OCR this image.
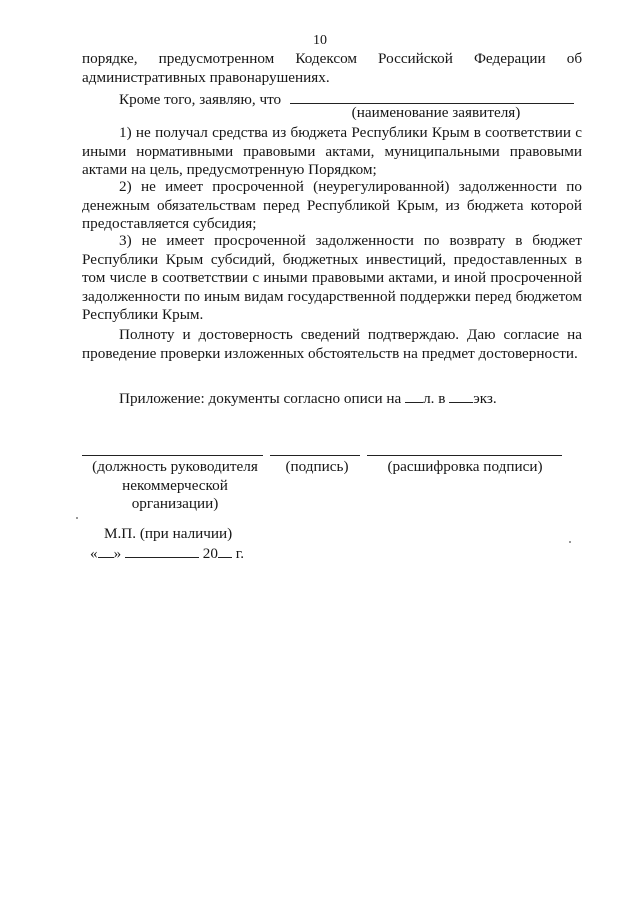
10
порядке, предусмотренном Кодексом Российской Федерации об
административных правонарушениях.
Кроме того, заявляю, что
(наименование заявителя)
1) не получал средства из бюджета Республики Крым в соответствии с иными нормативными правовыми актами, муниципальными правовыми актами на цель, предусмотренную Порядком;
2) не имеет просроченной (неурегулированной) задолженности по денежным обязательствам перед Республикой Крым, из бюджета которой предоставляется субсидия;
3) не имеет просроченной задолженности по возврату в бюджет Республики Крым субсидий, бюджетных инвестиций, предоставленных в том числе в соответствии с иными правовыми актами, и иной просроченной задолженности по иным видам государственной поддержки перед бюджетом Республики Крым.
Полноту и достоверность сведений подтверждаю. Даю согласие на проведение проверки изложенных обстоятельств на предмет достоверности.
Приложение: документы согласно описи на л. в экз.
(должность руководителя некоммерческой организации)
(подпись)	(расшифровка подписи)
М.П. (при наличии)
« »	20 г.
